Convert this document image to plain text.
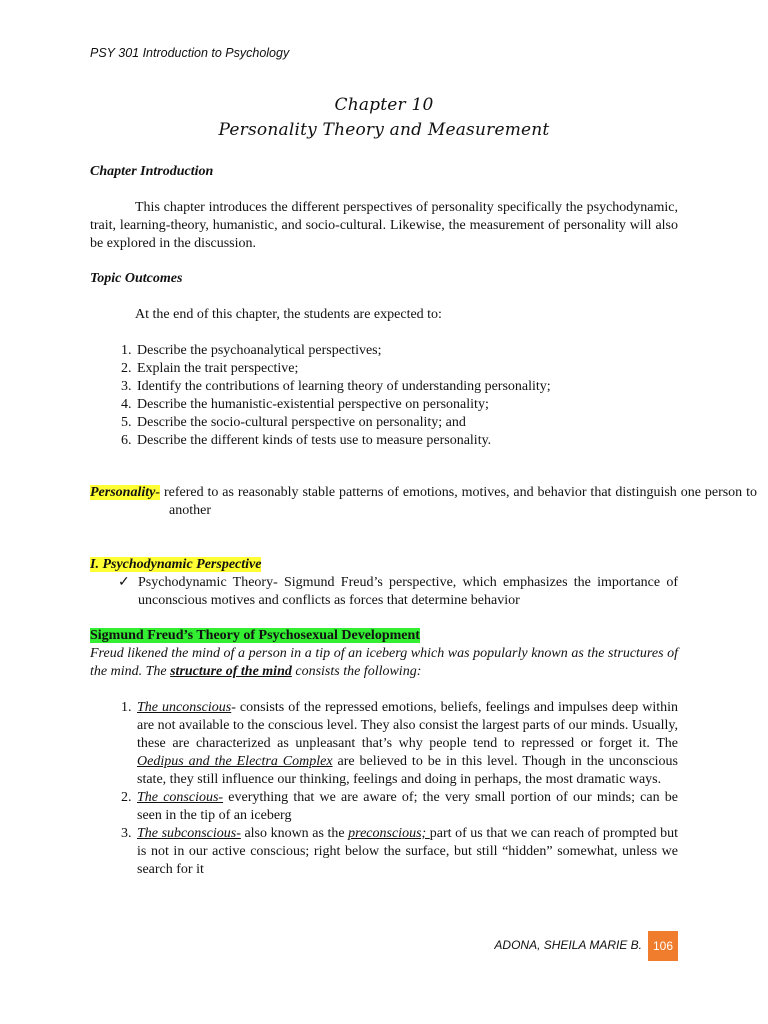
PSY 301 Introduction to Psychology
Chapter 10
Personality Theory and Measurement
Chapter Introduction
This chapter introduces the different perspectives of personality specifically the psychodynamic, trait, learning-theory, humanistic, and socio-cultural. Likewise, the measurement of personality will also be explored in the discussion.
Topic Outcomes
At the end of this chapter, the students are expected to:
1. Describe the psychoanalytical perspectives;
2. Explain the trait perspective;
3. Identify the contributions of learning theory of understanding personality;
4. Describe the humanistic-existential perspective on personality;
5. Describe the socio-cultural perspective on personality; and
6. Describe the different kinds of tests use to measure personality.
Personality- refered to as reasonably stable patterns of emotions, motives, and behavior that distinguish one person to another
I. Psychodynamic Perspective
✓ Psychodynamic Theory- Sigmund Freud’s perspective, which emphasizes the importance of unconscious motives and conflicts as forces that determine behavior
Sigmund Freud’s Theory of Psychosexual Development
Freud likened the mind of a person in a tip of an iceberg which was popularly known as the structures of the mind. The structure of the mind consists the following:
1. The unconscious- consists of the repressed emotions, beliefs, feelings and impulses deep within are not available to the conscious level. They also consist the largest parts of our minds. Usually, these are characterized as unpleasant that’s why people tend to repressed or forget it. The Oedipus and the Electra Complex are believed to be in this level. Though in the unconscious state, they still influence our thinking, feelings and doing in perhaps, the most dramatic ways.
2. The conscious- everything that we are aware of; the very small portion of our minds; can be seen in the tip of an iceberg
3. The subconscious- also known as the preconscious; part of us that we can reach of prompted but is not in our active conscious; right below the surface, but still “hidden” somewhat, unless we search for it
ADONA, SHEILA MARIE B. 106
